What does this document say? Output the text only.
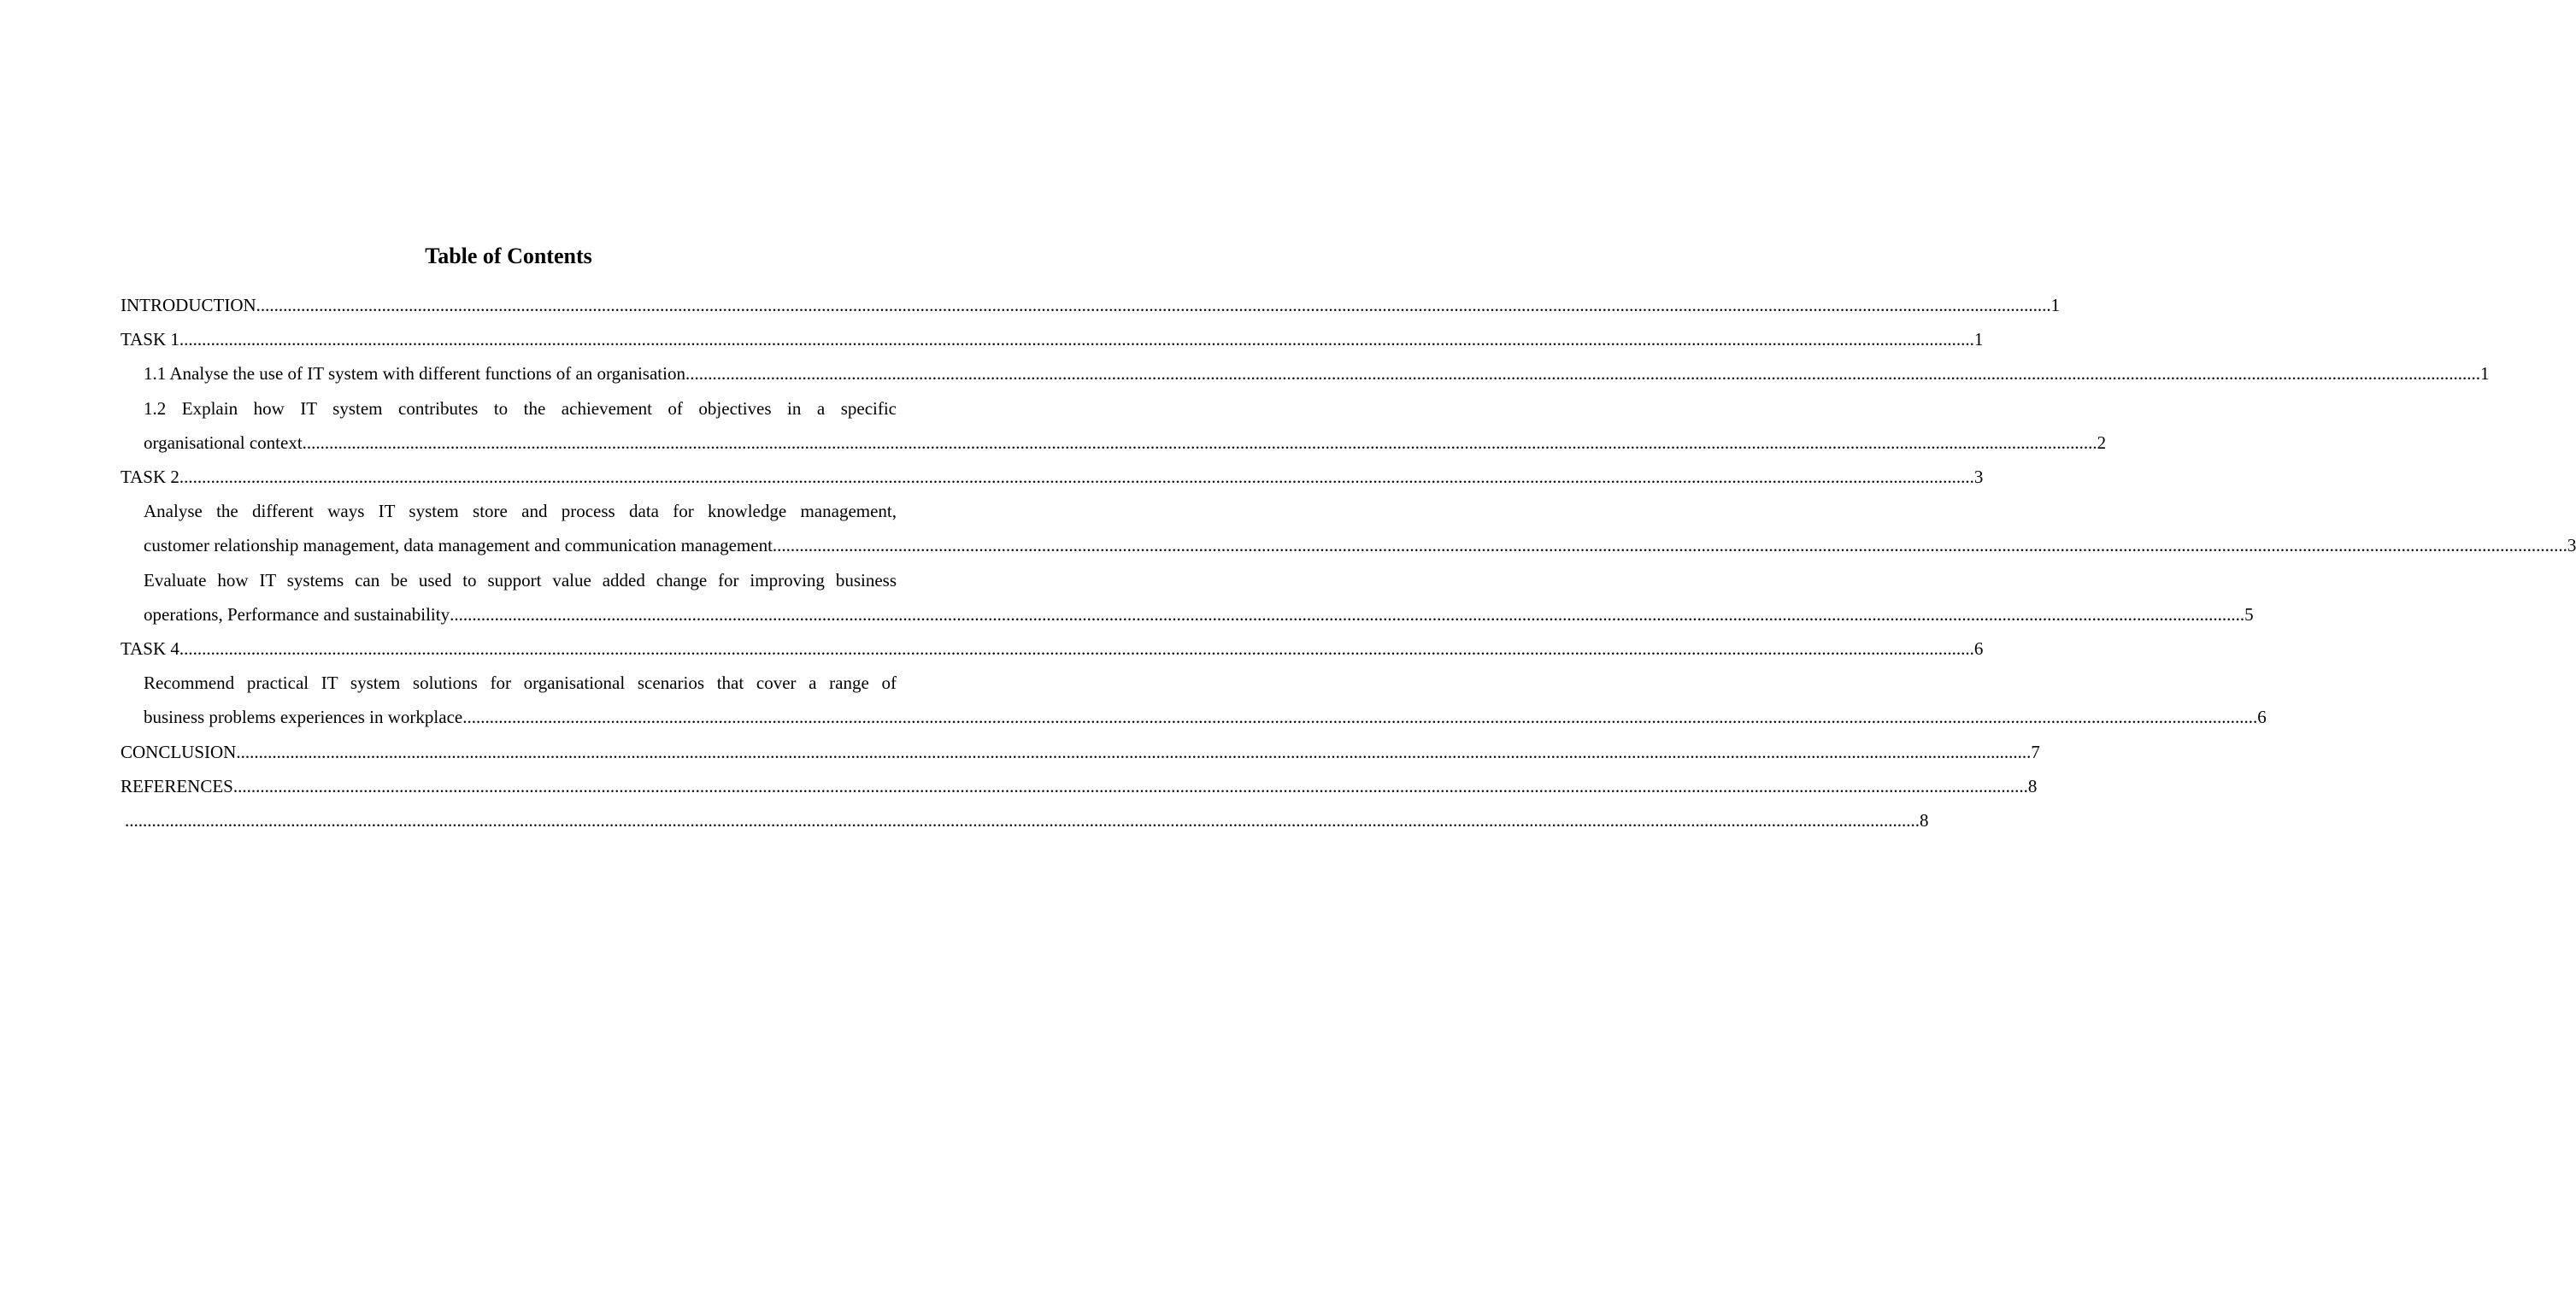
Table of Contents
INTRODUCTION ................................................................................................................................................................................................................................................................................................................................................................................................................ 1
TASK 1 ................................................................................................................................................................................................................................................................................................................................................................................................................ 1
1.1 Analyse the use of IT system with different functions of an organisation ................................................................................................................................................................................................................................................................................................................................................................................................................ 1
1.2 Explain how IT system contributes to the achievement of objectives in a specific
organisational context ................................................................................................................................................................................................................................................................................................................................................................................................................ 2
TASK 2 ................................................................................................................................................................................................................................................................................................................................................................................................................ 3
Analyse the different ways IT system store and process data for knowledge management,
customer relationship management, data management and communication management ................................................................................................................................................................................................................................................................................................................................................................................................................ 3
Evaluate how IT systems can be used to support value added change for improving business
operations, Performance and sustainability ................................................................................................................................................................................................................................................................................................................................................................................................................ 5
TASK 4 ................................................................................................................................................................................................................................................................................................................................................................................................................ 6
Recommend practical IT system solutions for organisational scenarios that cover a range of
business problems experiences in workplace ................................................................................................................................................................................................................................................................................................................................................................................................................ 6
CONCLUSION ................................................................................................................................................................................................................................................................................................................................................................................................................ 7
REFERENCES ................................................................................................................................................................................................................................................................................................................................................................................................................ 8
................................................................................................................................................................................................................................................................................................................................................................................................................ 8
